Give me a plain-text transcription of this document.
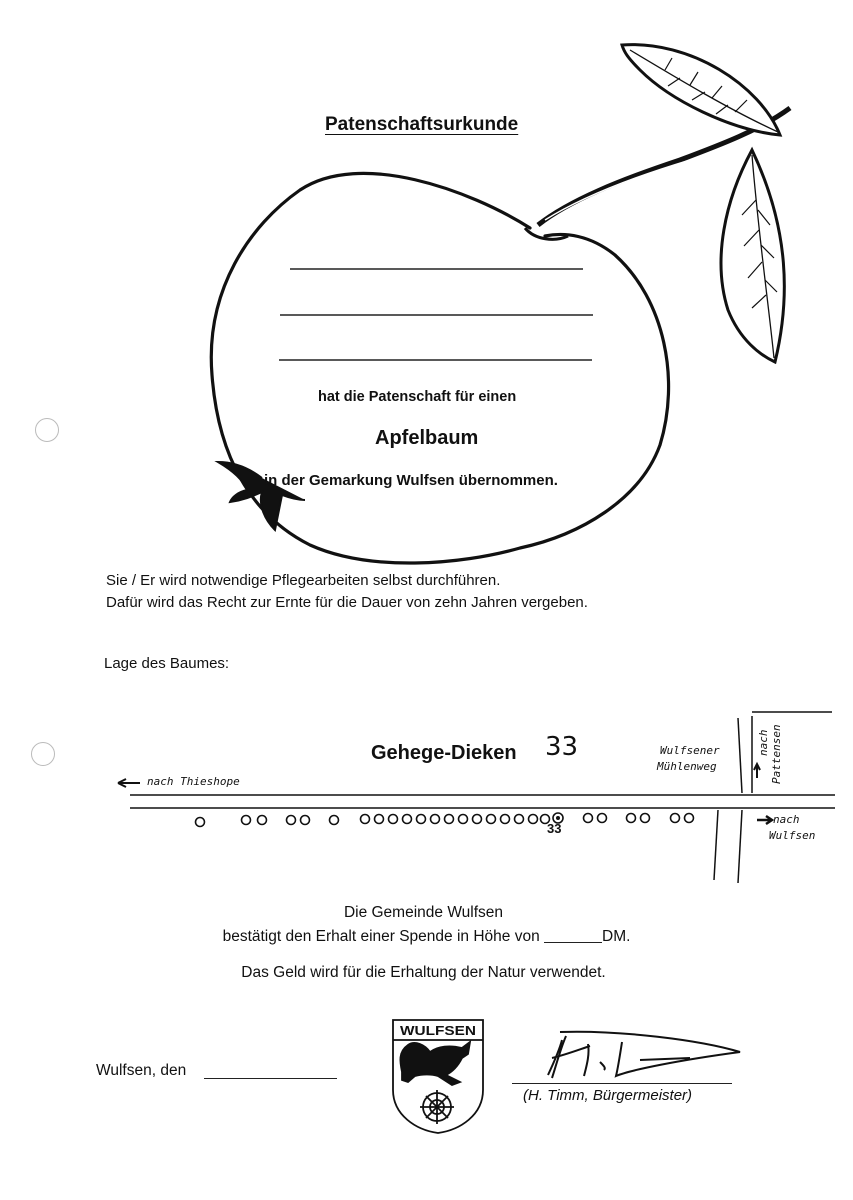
WULFSEN
Patenschaftsurkunde
hat die Patenschaft für einen
Apfelbaum
in der Gemarkung Wulfsen übernommen.
Sie / Er wird notwendige Pflegearbeiten selbst durchführen.
Dafür wird das Recht zur Ernte für die Dauer von zehn Jahren vergeben.
Lage des Baumes:
Gehege-Dieken 33
nach Thieshope
Wulfsener
Mühlenweg
nach Pattensen
nach
Wulfsen
33
Die Gemeinde Wulfsen
bestätigt den Erhalt einer Spende in Höhe von	DM.
Das Geld wird für die Erhaltung der Natur verwendet.
Wulfsen, den
(H. Timm, Bürgermeister)
